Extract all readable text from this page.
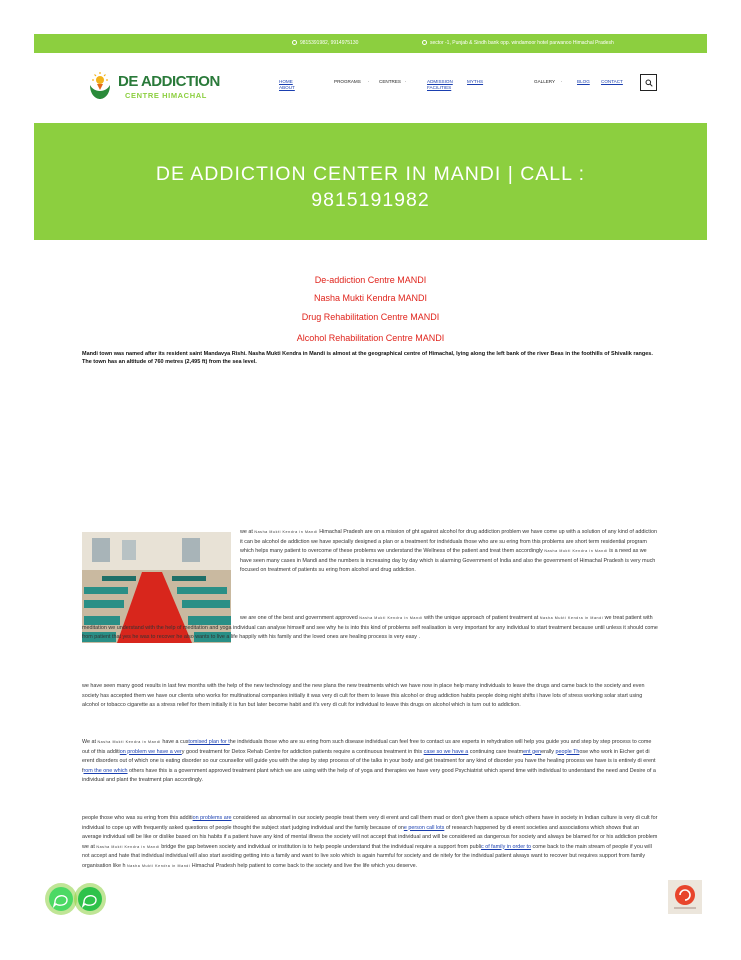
9815391982, 9914975130	sector -1, Punjab & Sindh bank opp. windamoor hotel parwanoo Himachal Pradesh
DE ADDICTION
CENTRE HIMACHAL
HOME
ABOUT
PROGRAMS · CENTRES ·	ADMISSION
FACILITIES
MYTHS	GALLERY ·	BLOG CONTACT
DE ADDICTION CENTER IN MANDI | CALL :
9815191982
De-addiction Centre MANDI
Nasha Mukti Kendra MANDI
Drug Rehabilitation Centre MANDI
Alcohol Rehabilitation Centre MANDI
Mandi town was named after its resident saint Mandavya Rishi. Nasha Mukti Kendra in Mandi is almost at the geographical centre of Himachal, lying along the left bank of the river Beas in the foothills of Shivalik ranges. The town has an altitude of 760 metres (2,495 ft) from the sea level.
we at Nasha Mukti Kendra in Mandi Himachal Pradesh are on a mission of ght against alcohol for drug addiction problem we have come up with a solution of any kind of addiction it can be alcohol de addiction we have specially designed a plan or a treatment for individuals those who are su ering from this problems are short term residential program which helps many patient to overcome of these problems we understand the Wellness of the patient and treat them accordingly Nasha Mukti Kendra in Mandi is a need as we have seen many cases in Mandi and the numbers is increasing day by day which is alarming Government of India and also the government of Himachal Pradesh is very much focused on treatment of patients su ering from alcohol and drug addiction.
we are one of the best and government approved Nasha Mukti Kendra in Mandi with the unique approach of patient treatment at Nasha Mukti Kendra in Mandi we treat patient with meditation we understand with the help of meditation and yoga individual can analyse himself and see why he is into this kind of problems self realisation is very important for any individual to start treatment because until unless it should come from patient that yes he was to recover he also wants to live a life happily with his family and the loved ones are healing process is very easy .
we have seen many good results in last few months with the help of the new technology and the new plans the new treatments which we have now in place help many individuals to leave the drugs and came back to the society and even society has accepted them we have our clients who works for multinational companies initially it was very di cult for them to leave this alcohol or drug addiction habits people doing night shifts i have lots of stress working solar start using alcohol or tobacco cigarette as a stress relief for them initially it is fun but later become habit and it's very di cult for individual to leave this drugs on alcohol which is turn out to addiction.
We at Nasha Mukti Kendra in Mandi have a customised plan for the individuals those who are su ering from such disease individual can feel free to contact us are experts in rehydration will help you guide you and step by step process to come out of this addition problem we have a very good treatment for Detox Rehab Centre for addiction patients require a continuous treatment in this case so we have a continuing care treatment generally people Those who work in Eicher get di erent disorders out of which one is eating disorder so our counsellor will guide you with the step by step process of of the talks in your body and get treatment for any kind of disorder you have the healing process we have is is entirely di erent from the one which others have this is a government approved treatment plant which we are using with the help of of yoga and therapies we have very good Psychiatrist which spend time with individual to understand the need and Desire of a individual and plant the treatment plan accordingly.
people those who was su ering from this addition problems are considered as abnormal in our society people treat them very di erent and call them mad or don't give them a space which others have in society in Indian culture is very di cult for individual to cope up with frequently asked questions of people thought the subject start judging individual and the family because of one person call lots of research happened by di erent societies and associations which shows that an average individual will be like or dislike based on his habits if a patient have any kind of mental illness the society will not accept that individual and will be considered as dangerous for society and always be blamed for or his addiction problem we at Nasha Mukti Kendra in Mandi bridge the gap between society and individual or institution is to help people understand that the individual require a support from public of family in order to come back to the main stream of people if you will not accept and hate that individual individual will also start avoiding getting into a family and want to live solo which is again harmful for society and de nitely for the individual patient always want to recover but requires support from family organisation like h Nasha Mukti Kendra in Mandi Himachal Pradesh help patient to come back to the society and live the life which you deserve.
